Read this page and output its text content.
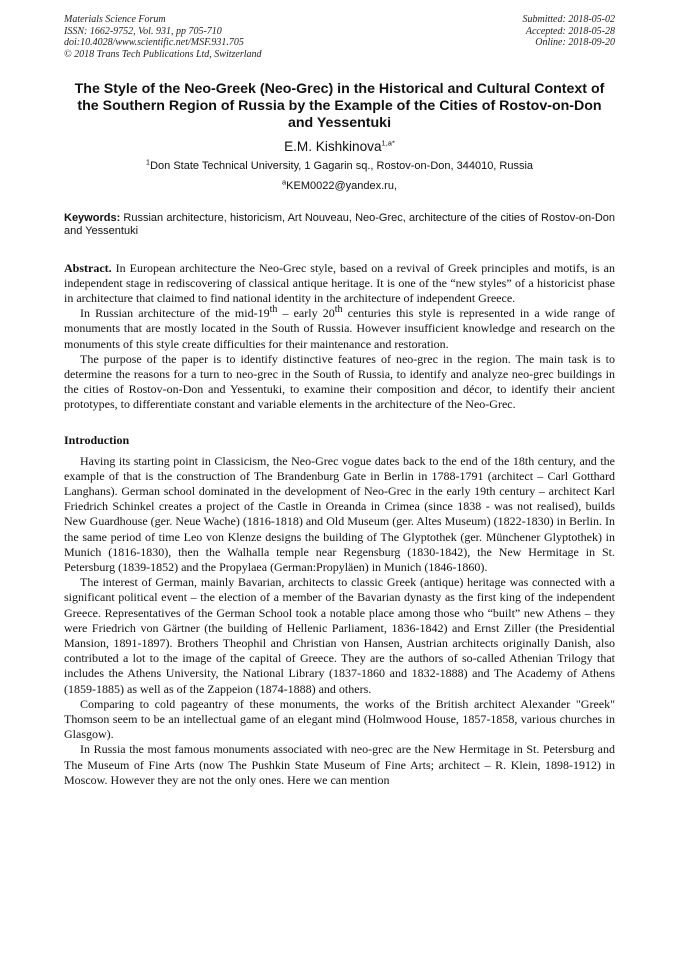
Materials Science Forum
ISSN: 1662-9752, Vol. 931, pp 705-710
doi:10.4028/www.scientific.net/MSF.931.705
© 2018 Trans Tech Publications Ltd, Switzerland
Submitted: 2018-05-02
Accepted: 2018-05-28
Online: 2018-09-20
The Style of the Neo-Greek (Neo-Grec) in the Historical and Cultural Context of the Southern Region of Russia by the Example of the Cities of Rostov-on-Don and Yessentuki
E.M. Kishkinova$^{1,a*}$
$^1$Don State Technical University, 1 Gagarin sq., Rostov-on-Don, 344010, Russia
$^a$KEM0022@yandex.ru,
Keywords: Russian architecture, historicism, Art Nouveau, Neo-Grec, architecture of the cities of Rostov-on-Don and Yessentuki

Abstract. In European architecture the Neo-Grec style, based on a revival of Greek principles and motifs, is an independent stage in rediscovering of classical antique heritage. It is one of the “new styles” of a historicist phase in architecture that claimed to find national identity in the architecture of independent Greece.

In Russian architecture of the mid-19th – early 20th centuries this style is represented in a wide range of monuments that are mostly located in the South of Russia. However insufficient knowledge and research on the monuments of this style create difficulties for their maintenance and restoration.

The purpose of the paper is to identify distinctive features of neo-grec in the region. The main task is to determine the reasons for a turn to neo-grec in the South of Russia, to identify and analyze neo-grec buildings in the cities of Rostov-on-Don and Yessentuki, to examine their composition and décor, to identify their ancient prototypes, to differentiate constant and variable elements in the architecture of the Neo-Grec.

Introduction

Having its starting point in Classicism, the Neo-Grec vogue dates back to the end of the 18th century, and the example of that is the construction of The Brandenburg Gate in Berlin in 1788-1791 (architect – Carl Gotthard Langhans). German school dominated in the development of Neo-Grec in the early 19th century – architect Karl Friedrich Schinkel creates a project of the Castle in Oreanda in Crimea (since 1838 - was not realised), builds New Guardhouse (ger. Neue Wache) (1816-1818) and Old Museum (ger. Altes Museum) (1822-1830) in Berlin. In the same period of time Leo von Klenze designs the building of The Glyptothek (ger. Münchener Glyptothek) in Munich (1816-1830), then the Walhalla temple near Regensburg (1830-1842), the New Hermitage in St. Petersburg (1839-1852) and the Propylaea (German:Propyläen) in Munich (1846-1860).

The interest of German, mainly Bavarian, architects to classic Greek (antique) heritage was connected with a significant political event – the election of a member of the Bavarian dynasty as the first king of the independent Greece. Representatives of the German School took a notable place among those who “built” new Athens – they were Friedrich von Gärtner (the building of Hellenic Parliament, 1836-1842) and Ernst Ziller (the Presidential Mansion, 1891-1897). Brothers Theophil and Christian von Hansen, Austrian architects originally Danish, also contributed a lot to the image of the capital of Greece. They are the authors of so-called Athenian Trilogy that includes the Athens University, the National Library (1837-1860 and 1832-1888) and The Academy of Athens (1859-1885) as well as of the Zappeion (1874-1888) and others.

Comparing to cold pageantry of these monuments, the works of the British architect Alexander "Greek" Thomson seem to be an intellectual game of an elegant mind (Holmwood House, 1857-1858, various churches in Glasgow).

In Russia the most famous monuments associated with neo-grec are the New Hermitage in St. Petersburg and The Museum of Fine Arts (now The Pushkin State Museum of Fine Arts; architect – R. Klein, 1898-1912) in Moscow. However they are not the only ones. Here we can mention
